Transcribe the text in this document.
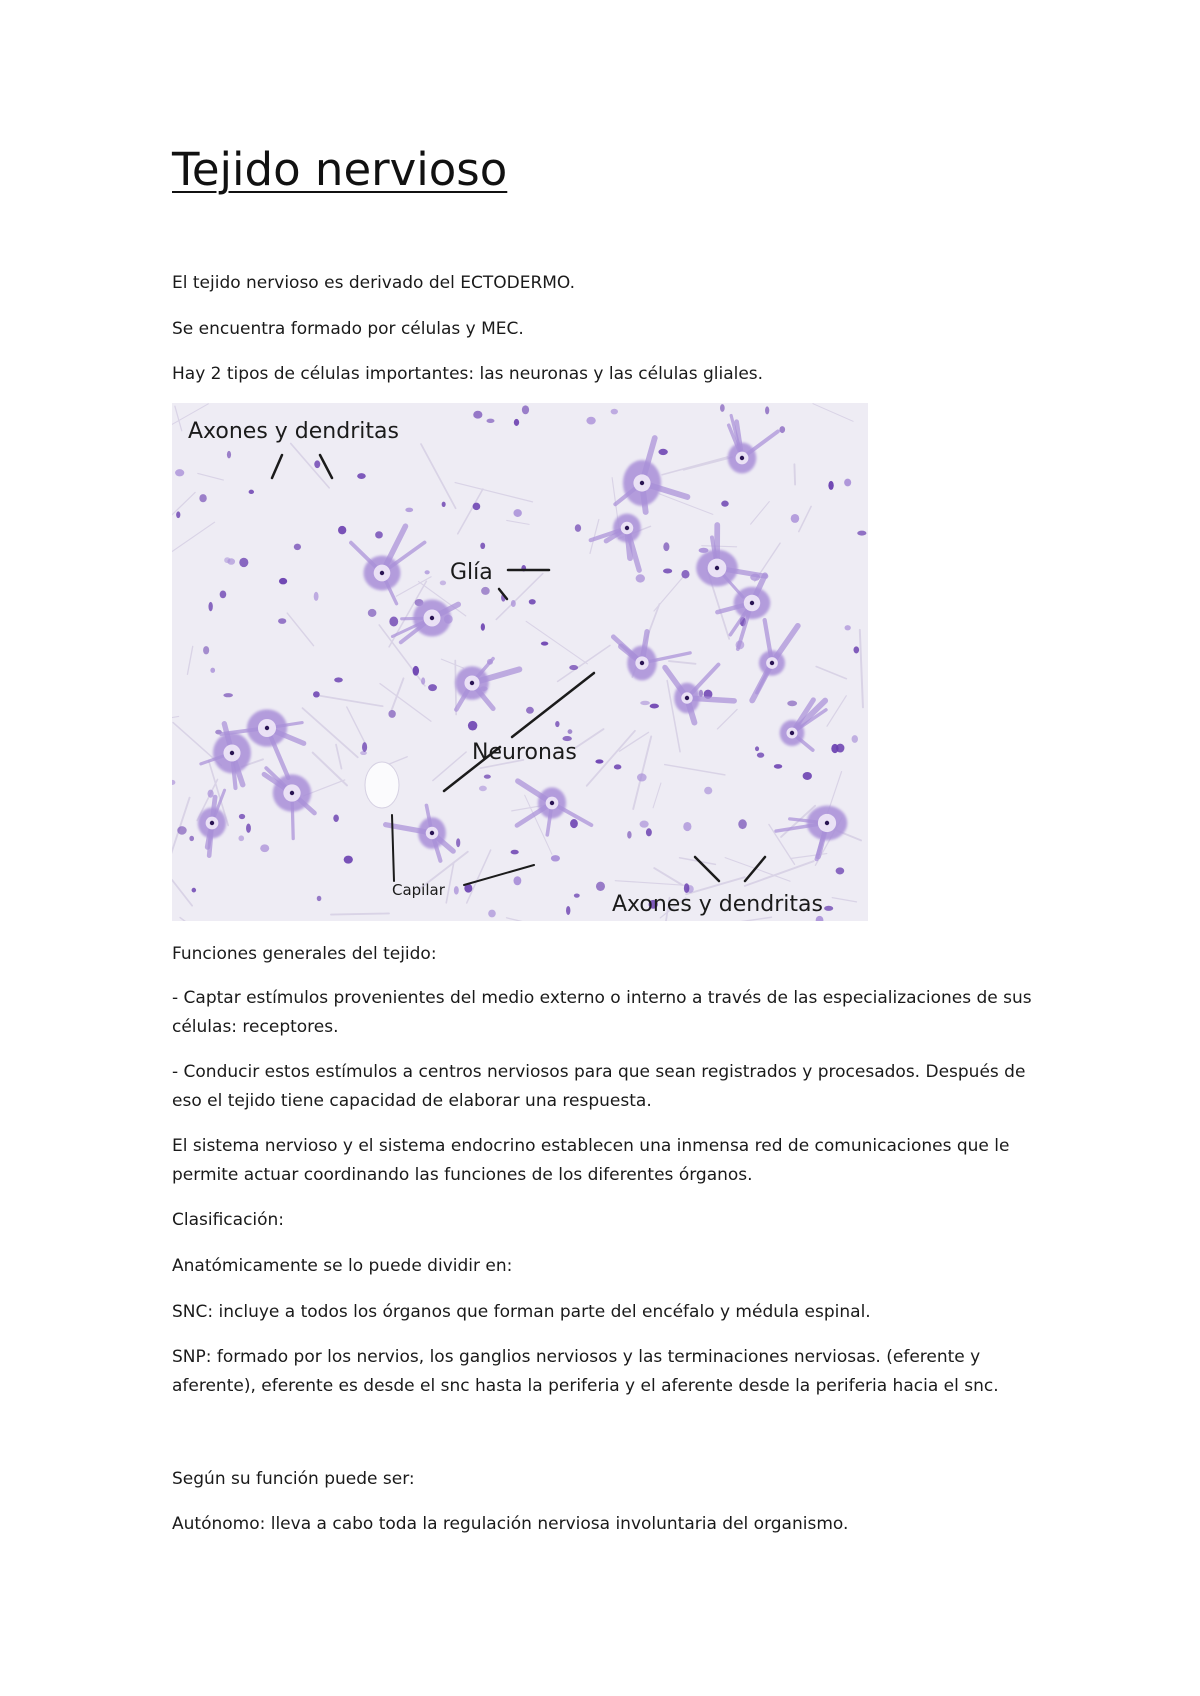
Tejido nervioso

El tejido nervioso es derivado del ECTODERMO.

Se encuentra formado por células y MEC.

Hay 2 tipos de células importantes: las neuronas y las células gliales.

Axones y dendritas
Glía
Neuronas
Capilar
Axones y dendritas

Funciones generales del tejido:

- Captar estímulos provenientes del medio externo o interno a través de las especializaciones de sus células: receptores.

- Conducir estos estímulos a centros nerviosos para que sean registrados y procesados. Después de eso el tejido tiene capacidad de elaborar una respuesta.

El sistema nervioso y el sistema endocrino establecen una inmensa red de comunicaciones que le permite actuar coordinando las funciones de los diferentes órganos.

Clasificación:

Anatómicamente se lo puede dividir en:

SNC: incluye a todos los órganos que forman parte del encéfalo y médula espinal.

SNP: formado por los nervios, los ganglios nerviosos y las terminaciones nerviosas. (eferente y aferente), eferente es desde el snc hasta la periferia y el aferente desde la periferia hacia el snc.

Según su función puede ser:

Autónomo: lleva a cabo toda la regulación nerviosa involuntaria del organismo.
